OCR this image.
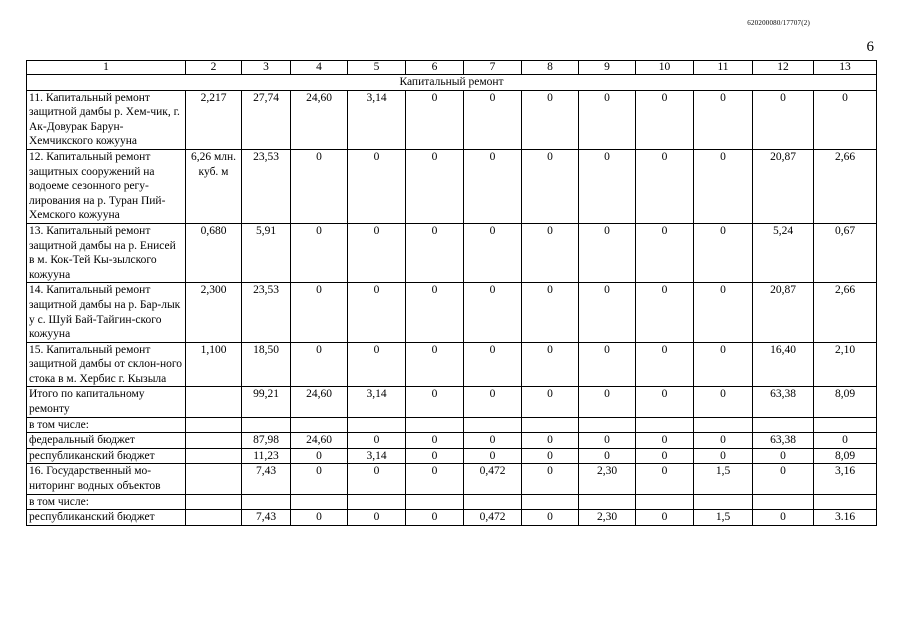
620200080/17707(2)
6
1	2	3	4	5	6	7	8	9	10	11	12	13
Капитальный ремонт												
11. Капитальный ремонт защитной дамбы р. Хем-чик, г. Ак-Довурак Барун-Хемчикского кожууна	2,217	27,74	24,60	3,14	0	0	0	0	0	0	0	0
12. Капитальный ремонт защитных сооружений на водоеме сезонного регу-лирования на р. Туран Пий-Хемского кожууна	6,26 млн. куб. м	23,53	0	0	0	0	0	0	0	0	20,87	2,66
13. Капитальный ремонт защитной дамбы на р. Енисей в м. Кок-Тей Кы-зылского кожууна	0,680	5,91	0	0	0	0	0	0	0	0	5,24	0,67
14. Капитальный ремонт защитной дамбы на р. Бар-лык у с. Шуй Бай-Тайгин-ского кожууна	2,300	23,53	0	0	0	0	0	0	0	0	20,87	2,66
15. Капитальный ремонт защитной дамбы от склон-ного стока в м. Хербис г. Кызыла	1,100	18,50	0	0	0	0	0	0	0	0	16,40	2,10
Итого по капитальному ремонту		99,21	24,60	3,14	0	0	0	0	0	0	63,38	8,09
в том числе:												
федеральный бюджет		87,98	24,60	0	0	0	0	0	0	0	63,38	0
республиканский бюджет		11,23	0	3,14	0	0	0	0	0	0	0	8,09
16. Государственный мо-ниторинг водных объектов		7,43	0	0	0	0,472	0	2,30	0	1,5	0	3,16
в том числе:												
республиканский бюджет		7,43	0	0	0	0,472	0	2,30	0	1,5	0	3.16
